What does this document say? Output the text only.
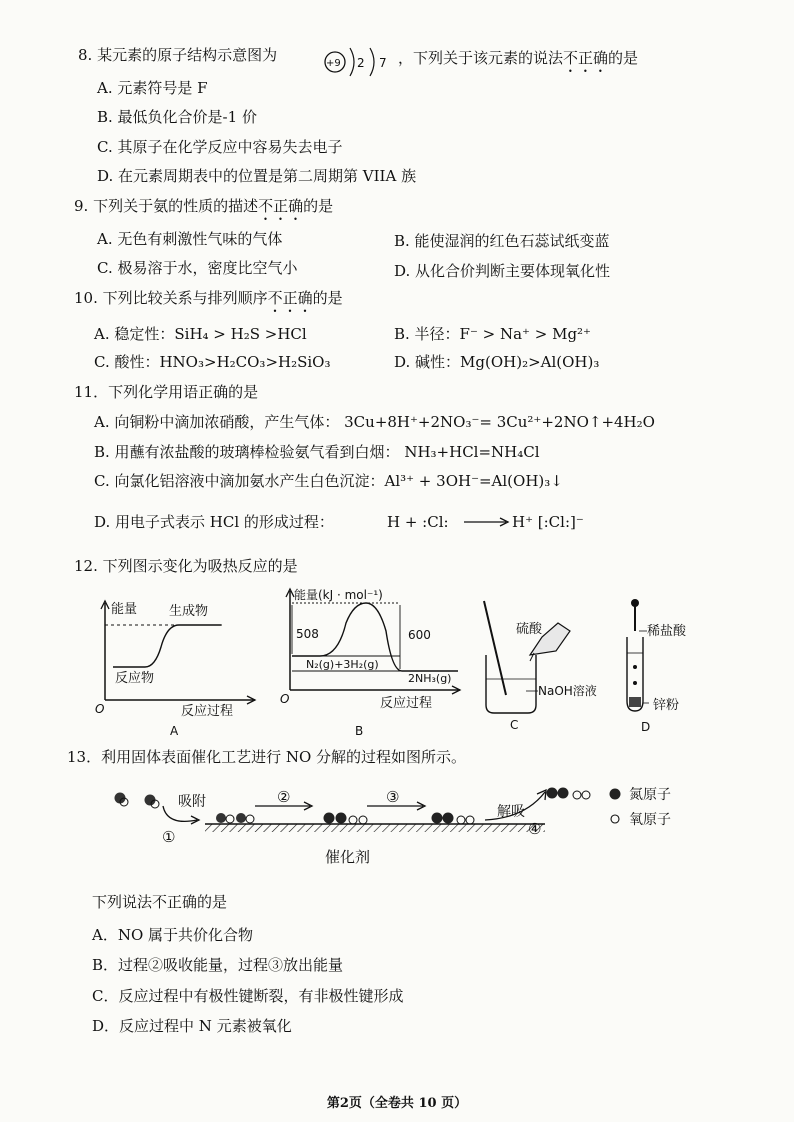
8. 某元素的原子结构示意图为	+9 2 7 ，下列关于该元素的说法不正确的是
A. 元素符号是 F
B. 最低负化合价是-1 价
C. 其原子在化学反应中容易失去电子
D. 在元素周期表中的位置是第二周期第 VIIA 族
9. 下列关于氨的性质的描述不正确的是
A. 无色有刺激性气味的气体	B. 能使湿润的红色石蕊试纸变蓝
C. 极易溶于水，密度比空气小	D. 从化合价判断主要体现氧化性
10. 下列比较关系与排列顺序不正确的是
A. 稳定性：SiH₄ > H₂S >HCl	B. 半径：F⁻ > Na⁺ > Mg²⁺
C. 酸性：HNO₃>H₂CO₃>H₂SiO₃	D. 碱性：Mg(OH)₂>Al(OH)₃
11．下列化学用语正确的是
A. 向铜粉中滴加浓硝酸，产生气体： 3Cu+8H⁺+2NO₃⁻= 3Cu²⁺+2NO↑+4H₂O
B. 用蘸有浓盐酸的玻璃棒检验氨气看到白烟： NH₃+HCl=NH₄Cl
C. 向氯化铝溶液中滴加氨水产生白色沉淀：Al³⁺ + 3OH⁻=Al(OH)₃↓
D. 用电子式表示 HCl 的形成过程：	H + :Cl:	H⁺ [:Cl:]⁻
12. 下列图示变化为吸热反应的是
能量 生成物
反应物
O	反应过程
A
能量(kJ · mol⁻¹)
508	600
N₂(g)+3H₂(g)
2NH₃(g)
O	反应过程
B
硫酸
NaOH溶液
C
稀盐酸
锌粉
D
13．利用固体表面催化工艺进行 NO 分解的过程如图所示。
吸附
①
②	③
解吸
④
氮原子
氧原子
催化剂
下列说法不正确的是
A．NO 属于共价化合物
B．过程②吸收能量，过程③放出能量
C．反应过程中有极性键断裂，有非极性键形成
D．反应过程中 N 元素被氧化
第2页（全卷共 10 页）
